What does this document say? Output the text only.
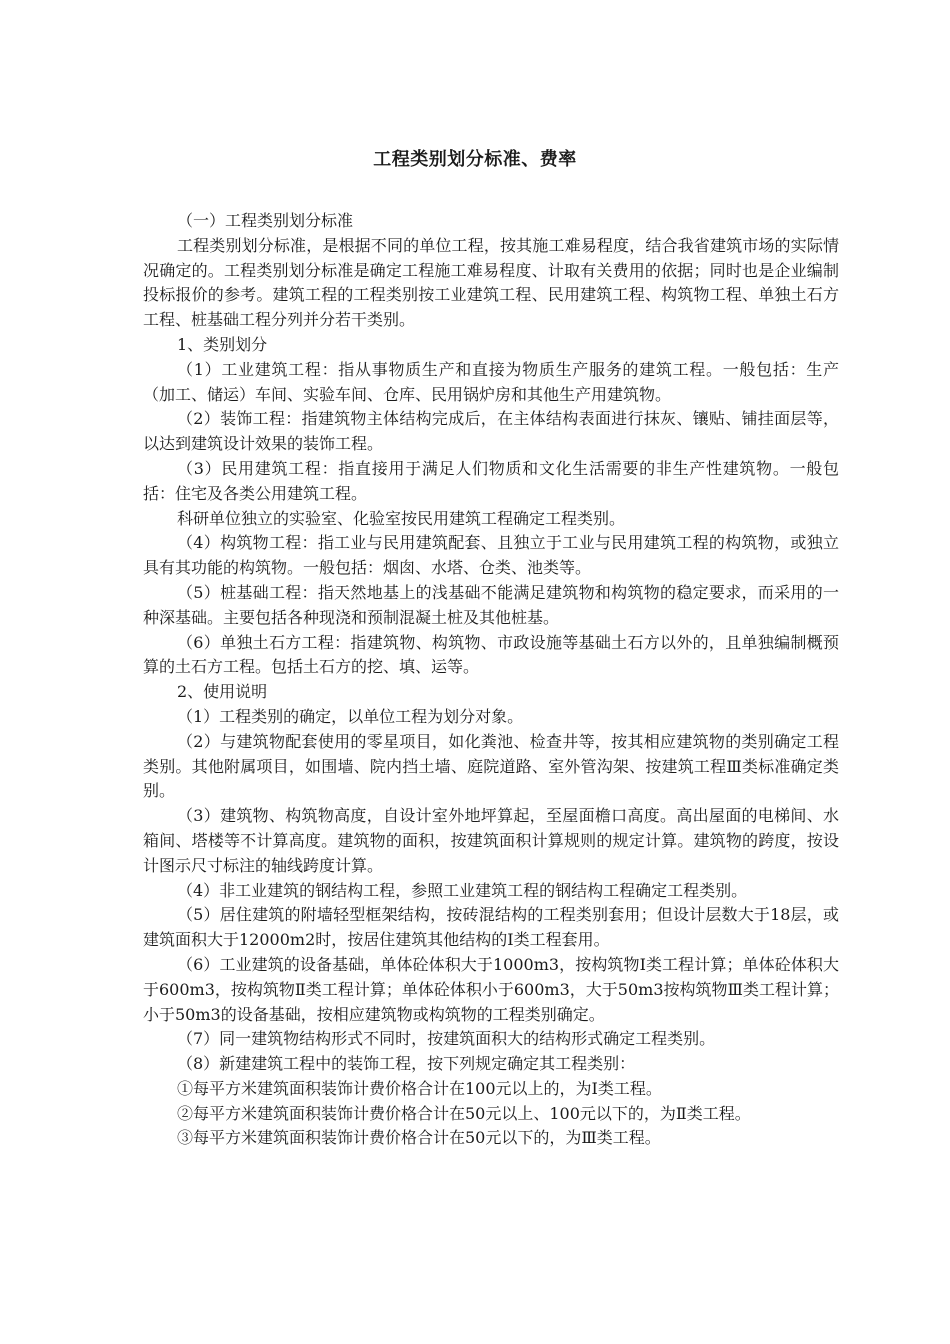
工程类别划分标准、费率

（一）工程类别划分标准

工程类别划分标准，是根据不同的单位工程，按其施工难易程度，结合我省建筑市场的实际情况确定的。工程类别划分标准是确定工程施工难易程度、计取有关费用的依据；同时也是企业编制投标报价的参考。建筑工程的工程类别按工业建筑工程、民用建筑工程、构筑物工程、单独土石方工程、桩基础工程分列并分若干类别。

1、类别划分

（1）工业建筑工程：指从事物质生产和直接为物质生产服务的建筑工程。一般包括：生产（加工、储运）车间、实验车间、仓库、民用锅炉房和其他生产用建筑物。

（2）装饰工程：指建筑物主体结构完成后，在主体结构表面进行抹灰、镶贴、铺挂面层等，以达到建筑设计效果的装饰工程。

（3）民用建筑工程：指直接用于满足人们物质和文化生活需要的非生产性建筑物。一般包括：住宅及各类公用建筑工程。

科研单位独立的实验室、化验室按民用建筑工程确定工程类别。

（4）构筑物工程：指工业与民用建筑配套、且独立于工业与民用建筑工程的构筑物，或独立具有其功能的构筑物。一般包括：烟囱、水塔、仓类、池类等。

（5）桩基础工程：指天然地基上的浅基础不能满足建筑物和构筑物的稳定要求，而采用的一种深基础。主要包括各种现浇和预制混凝土桩及其他桩基。

（6）单独土石方工程：指建筑物、构筑物、市政设施等基础土石方以外的，且单独编制概预算的土石方工程。包括土石方的挖、填、运等。

2、使用说明

（1）工程类别的确定，以单位工程为划分对象。

（2）与建筑物配套使用的零星项目，如化粪池、检查井等，按其相应建筑物的类别确定工程类别。其他附属项目，如围墙、院内挡土墙、庭院道路、室外管沟架、按建筑工程Ⅲ类标准确定类别。

（3）建筑物、构筑物高度，自设计室外地坪算起，至屋面檐口高度。高出屋面的电梯间、水箱间、塔楼等不计算高度。建筑物的面积，按建筑面积计算规则的规定计算。建筑物的跨度，按设计图示尺寸标注的轴线跨度计算。

（4）非工业建筑的钢结构工程，参照工业建筑工程的钢结构工程确定工程类别。

（5）居住建筑的附墙轻型框架结构，按砖混结构的工程类别套用；但设计层数大于18层，或建筑面积大于12000m2时，按居住建筑其他结构的Ⅰ类工程套用。

（6）工业建筑的设备基础，单体砼体积大于1000m3，按构筑物Ⅰ类工程计算；单体砼体积大于600m3，按构筑物Ⅱ类工程计算；单体砼体积小于600m3，大于50m3按构筑物Ⅲ类工程计算；小于50m3的设备基础，按相应建筑物或构筑物的工程类别确定。

（7）同一建筑物结构形式不同时，按建筑面积大的结构形式确定工程类别。

（8）新建建筑工程中的装饰工程，按下列规定确定其工程类别：

①每平方米建筑面积装饰计费价格合计在100元以上的，为Ⅰ类工程。

②每平方米建筑面积装饰计费价格合计在50元以上、100元以下的，为Ⅱ类工程。

③每平方米建筑面积装饰计费价格合计在50元以下的，为Ⅲ类工程。
